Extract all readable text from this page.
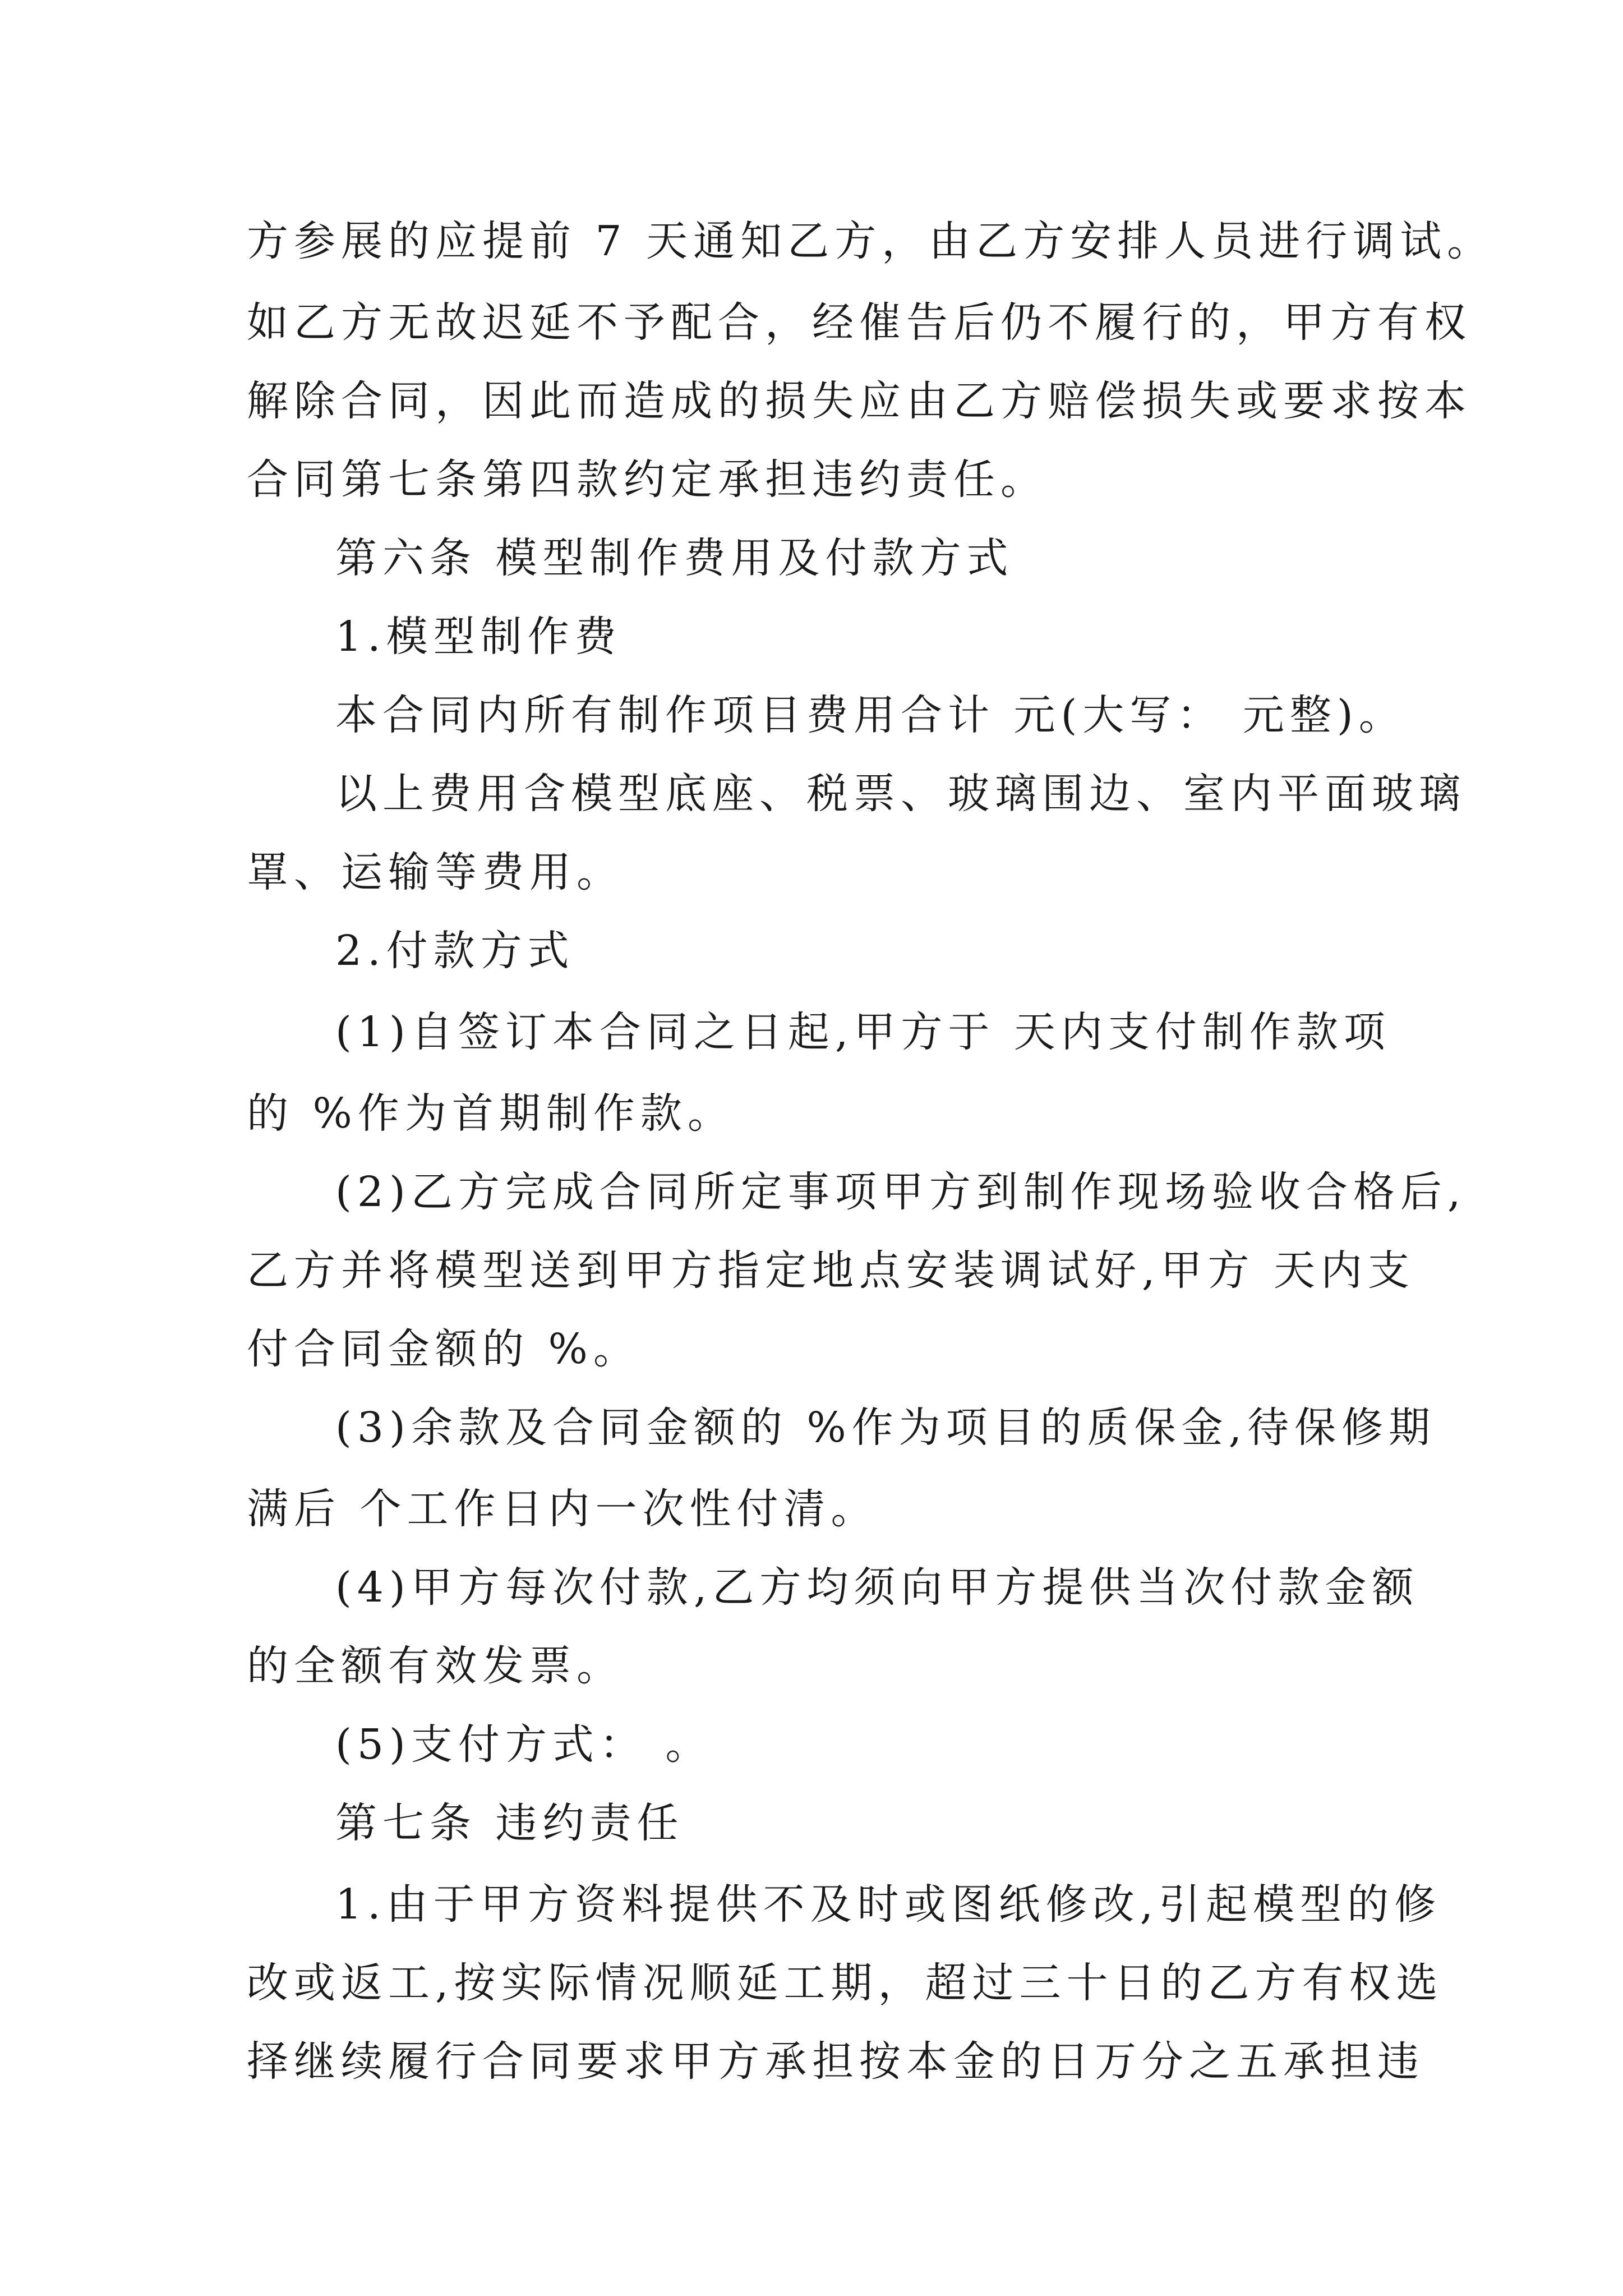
方参展的应提前 7 天通知乙方，由乙方安排人员进行调试。
如乙方无故迟延不予配合，经催告后仍不履行的，甲方有权
解除合同，因此而造成的损失应由乙方赔偿损失或要求按本
合同第七条第四款约定承担违约责任。
第六条 模型制作费用及付款方式
1.模型制作费
本合同内所有制作项目费用合计 元(大写： 元整)。
以上费用含模型底座、税票、玻璃围边、室内平面玻璃
罩、运输等费用。
2.付款方式
(1)自签订本合同之日起,甲方于 天内支付制作款项
的 %作为首期制作款。
(2)乙方完成合同所定事项甲方到制作现场验收合格后,
乙方并将模型送到甲方指定地点安装调试好,甲方 天内支
付合同金额的 %。
(3)余款及合同金额的 %作为项目的质保金,待保修期
满后 个工作日内一次性付清。
(4)甲方每次付款,乙方均须向甲方提供当次付款金额
的全额有效发票。
(5)支付方式： 。
第七条 违约责任
1.由于甲方资料提供不及时或图纸修改,引起模型的修
改或返工,按实际情况顺延工期，超过三十日的乙方有权选
择继续履行合同要求甲方承担按本金的日万分之五承担违
